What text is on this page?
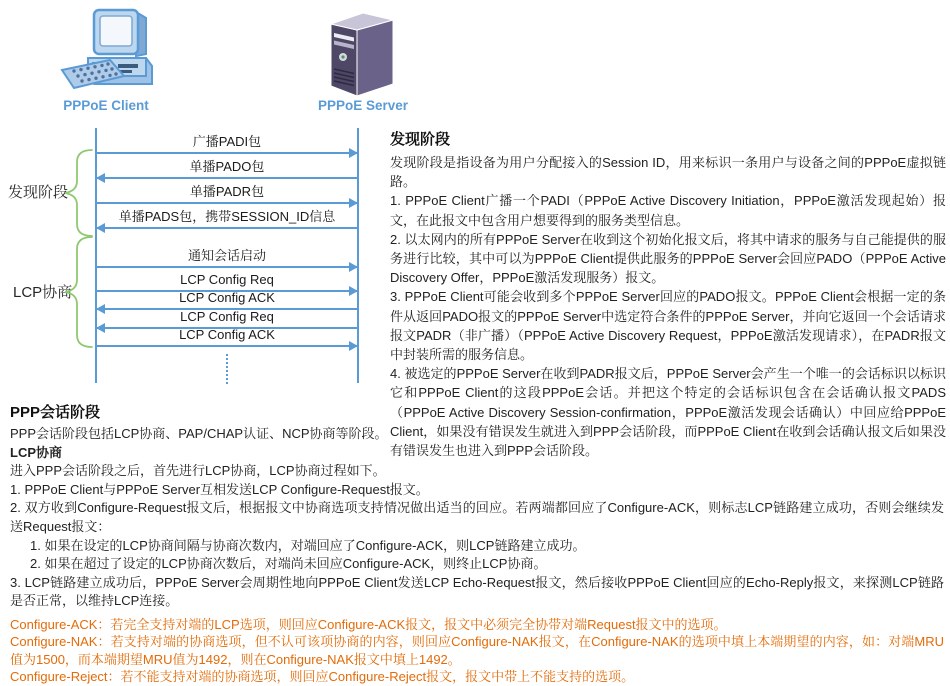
PPPoE Client	PPPoE Server
发现阶段
LCP协商
广播PADI包
单播PADO包
单播PADR包
单播PADS包，携带SESSION_ID信息
通知会话启动
LCP Config Req
LCP Config ACK
LCP Config Req
LCP Config ACK
发现阶段

发现阶段是指设备为用户分配接入的Session ID，用来标识一条用户与设备之间的PPPoE虚拟链路。

1. PPPoE Client广播一个PADI（PPPoE Active Discovery Initiation，PPPoE激活发现起始）报文，在此报文中包含用户想要得到的服务类型信息。

2. 以太网内的所有PPPoE Server在收到这个初始化报文后，将其中请求的服务与自己能提供的服务进行比较，其中可以为PPPoE Client提供此服务的PPPoE Server会回应PADO（PPPoE Active Discovery Offer，PPPoE激活发现服务）报文。

3. PPPoE Client可能会收到多个PPPoE Server回应的PADO报文。PPPoE Client会根据一定的条件从返回PADO报文的PPPoE Server中选定符合条件的PPPoE Server，并向它返回一个会话请求报文PADR（非广播）（PPPoE Active Discovery Request，PPPoE激活发现请求），在PADR报文中封装所需的服务信息。

4. 被选定的PPPoE Server在收到PADR报文后，PPPoE Server会产生一个唯一的会话标识以标识它和PPPoE Client的这段PPPoE会话。并把这个特定的会话标识包含在会话确认报文PADS（PPPoE Active Discovery Session-confirmation，PPPoE激活发现会话确认）中回应给PPPoE Client，如果没有错误发生就进入到PPP会话阶段，而PPPoE Client在收到会话确认报文后如果没有错误发生也进入到PPP会话阶段。

PPP会话阶段

PPP会话阶段包括LCP协商、PAP/CHAP认证、NCP协商等阶段。

LCP协商

进入PPP会话阶段之后，首先进行LCP协商，LCP协商过程如下。

1. PPPoE Client与PPPoE Server互相发送LCP Configure-Request报文。

2. 双方收到Configure-Request报文后，根据报文中协商选项支持情况做出适当的回应。若两端都回应了Configure-ACK，则标志LCP链路建立成功，否则会继续发送Request报文：

1. 如果在设定的LCP协商间隔与协商次数内，对端回应了Configure-ACK，则LCP链路建立成功。

2. 如果在超过了设定的LCP协商次数后，对端尚未回应Configure-ACK，则终止LCP协商。

3. LCP链路建立成功后，PPPoE Server会周期性地向PPPoE Client发送LCP Echo-Request报文，然后接收PPPoE Client回应的Echo-Reply报文，来探测LCP链路是否正常，以维持LCP连接。

Configure-ACK：若完全支持对端的LCP选项，则回应Configure-ACK报文，报文中必须完全协带对端Request报文中的选项。

Configure-NAK：若支持对端的协商选项，但不认可该项协商的内容，则回应Configure-NAK报文，在Configure-NAK的选项中填上本端期望的内容，如：对端MRU值为1500，而本端期望MRU值为1492，则在Configure-NAK报文中填上1492。

Configure-Reject：若不能支持对端的协商选项，则回应Configure-Reject报文，报文中带上不能支持的选项。
